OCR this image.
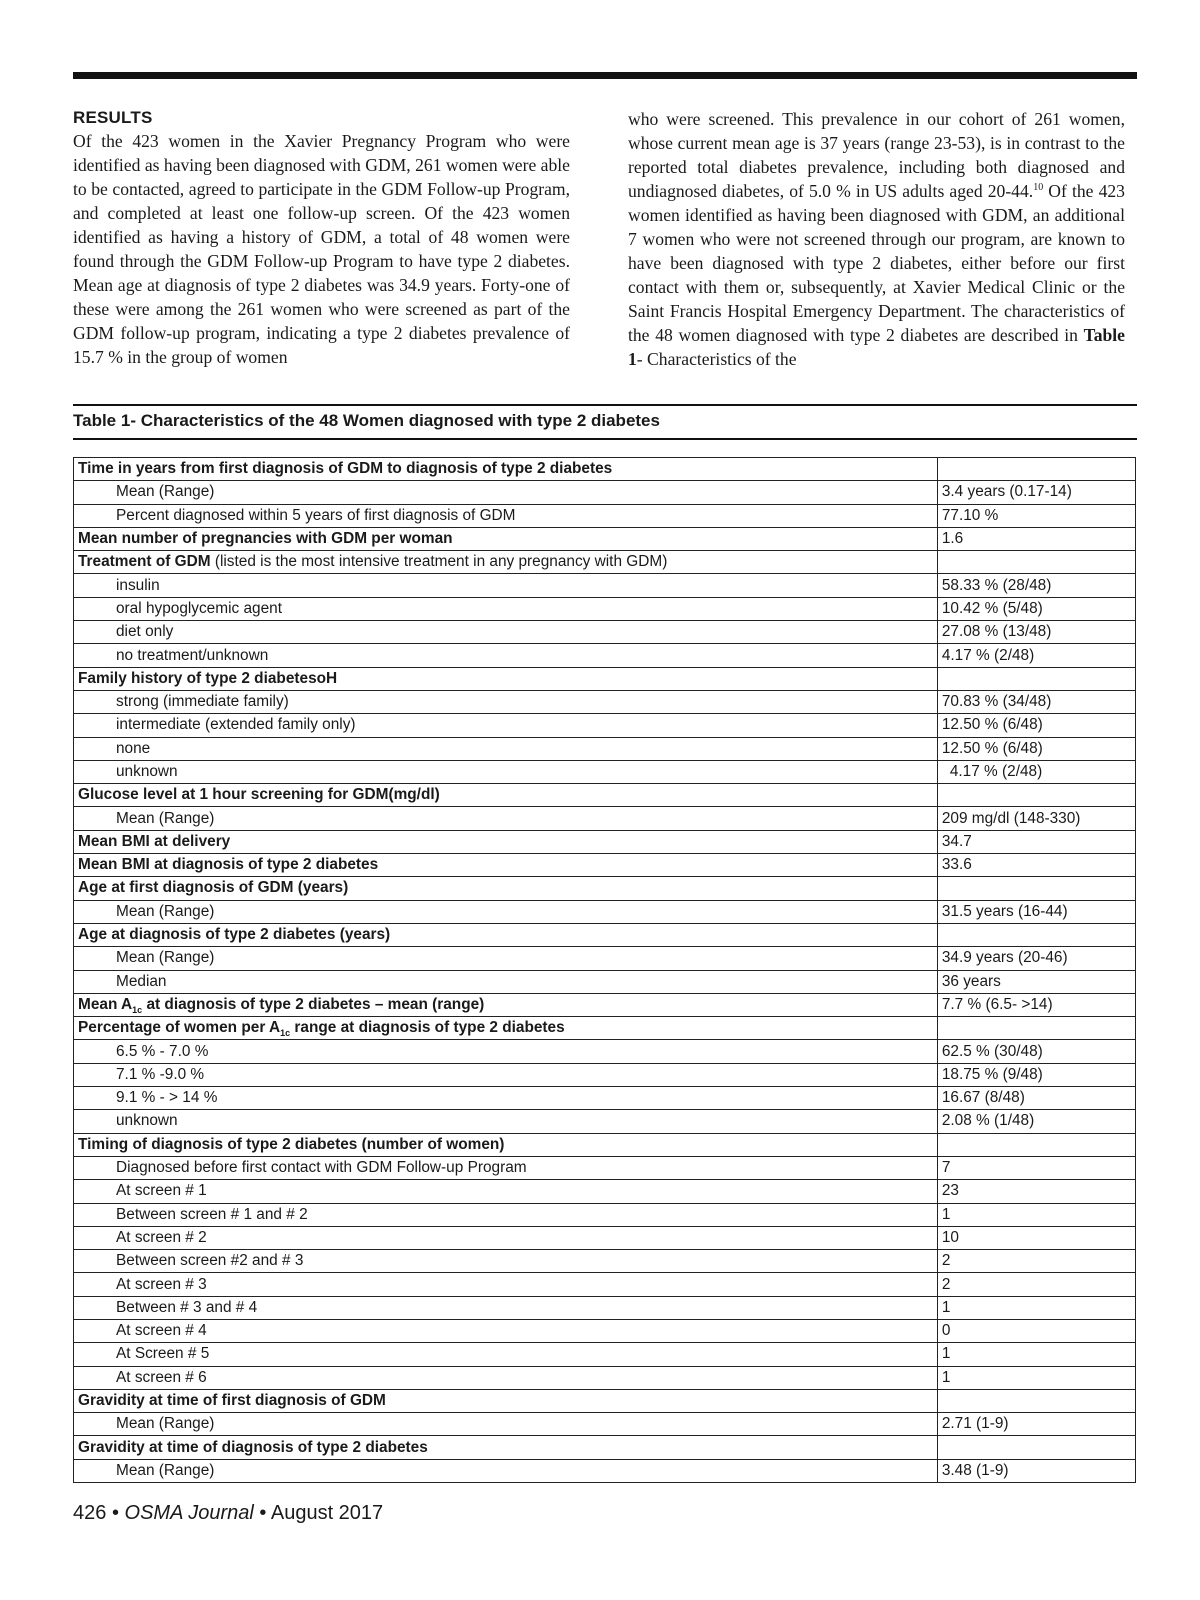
RESULTS

Of the 423 women in the Xavier Pregnancy Program who were identified as having been diagnosed with GDM, 261 women were able to be contacted, agreed to participate in the GDM Follow-up Program, and completed at least one follow-up screen. Of the 423 women identified as having a history of GDM, a total of 48 women were found through the GDM Follow-up Program to have type 2 diabetes. Mean age at diagnosis of type 2 diabetes was 34.9 years. Forty-one of these were among the 261 women who were screened as part of the GDM follow-up program, indicating a type 2 diabetes prevalence of 15.7 % in the group of women

who were screened. This prevalence in our cohort of 261 women, whose current mean age is 37 years (range 23-53), is in contrast to the reported total diabetes prevalence, including both diagnosed and undiagnosed diabetes, of 5.0 % in US adults aged 20-44.10 Of the 423 women identified as having been diagnosed with GDM, an additional 7 women who were not screened through our program, are known to have been diagnosed with type 2 diabetes, either before our first contact with them or, subsequently, at Xavier Medical Clinic or the Saint Francis Hospital Emergency Department. The characteristics of the 48 women diagnosed with type 2 diabetes are described in Table 1- Characteristics of the

Table 1- Characteristics of the 48 Women diagnosed with type 2 diabetes
Time in years from first diagnosis of GDM to diagnosis of type 2 diabetes	
Mean (Range)	3.4 years (0.17-14)
Percent diagnosed within 5 years of first diagnosis of GDM	77.10 %
Mean number of pregnancies with GDM per woman	1.6
Treatment of GDM (listed is the most intensive treatment in any pregnancy with GDM)	
insulin	58.33 % (28/48)
oral hypoglycemic agent	10.42 % (5/48)
diet only	27.08 % (13/48)
no treatment/unknown	4.17 % (2/48)
Family history of type 2 diabetesoH	
strong (immediate family)	70.83 % (34/48)
intermediate (extended family only)	12.50 % (6/48)
none	12.50 % (6/48)
unknown	4.17 % (2/48)
Glucose level at 1 hour screening for GDM(mg/dl)	
Mean (Range)	209 mg/dl (148-330)
Mean BMI at delivery	34.7
Mean BMI at diagnosis of type 2 diabetes	33.6
Age at first diagnosis of GDM (years)	
Mean (Range)	31.5 years (16-44)
Age at diagnosis of type 2 diabetes (years)	
Mean (Range)	34.9 years (20-46)
Median	36 years
Mean $A_{1c}$ at diagnosis of type 2 diabetes – mean (range)	7.7 % (6.5- >14)
Percentage of women per $A_{1c}$ range at diagnosis of type 2 diabetes	
6.5 % - 7.0 %	62.5 % (30/48)
7.1 % -9.0 %	18.75 % (9/48)
9.1 % - > 14 %	16.67 (8/48)
unknown	2.08 % (1/48)
Timing of diagnosis of type 2 diabetes (number of women)	
Diagnosed before first contact with GDM Follow-up Program	7
At screen # 1	23
Between screen # 1 and # 2	1
At screen # 2	10
Between screen #2 and # 3	2
At screen # 3	2
Between # 3 and # 4	1
At screen # 4	0
At Screen # 5	1
At screen # 6	1
Gravidity at time of first diagnosis of GDM	
Mean (Range)	2.71 (1-9)
Gravidity at time of diagnosis of type 2 diabetes	
Mean (Range)	3.48 (1-9)
426 • OSMA Journal • August 2017
